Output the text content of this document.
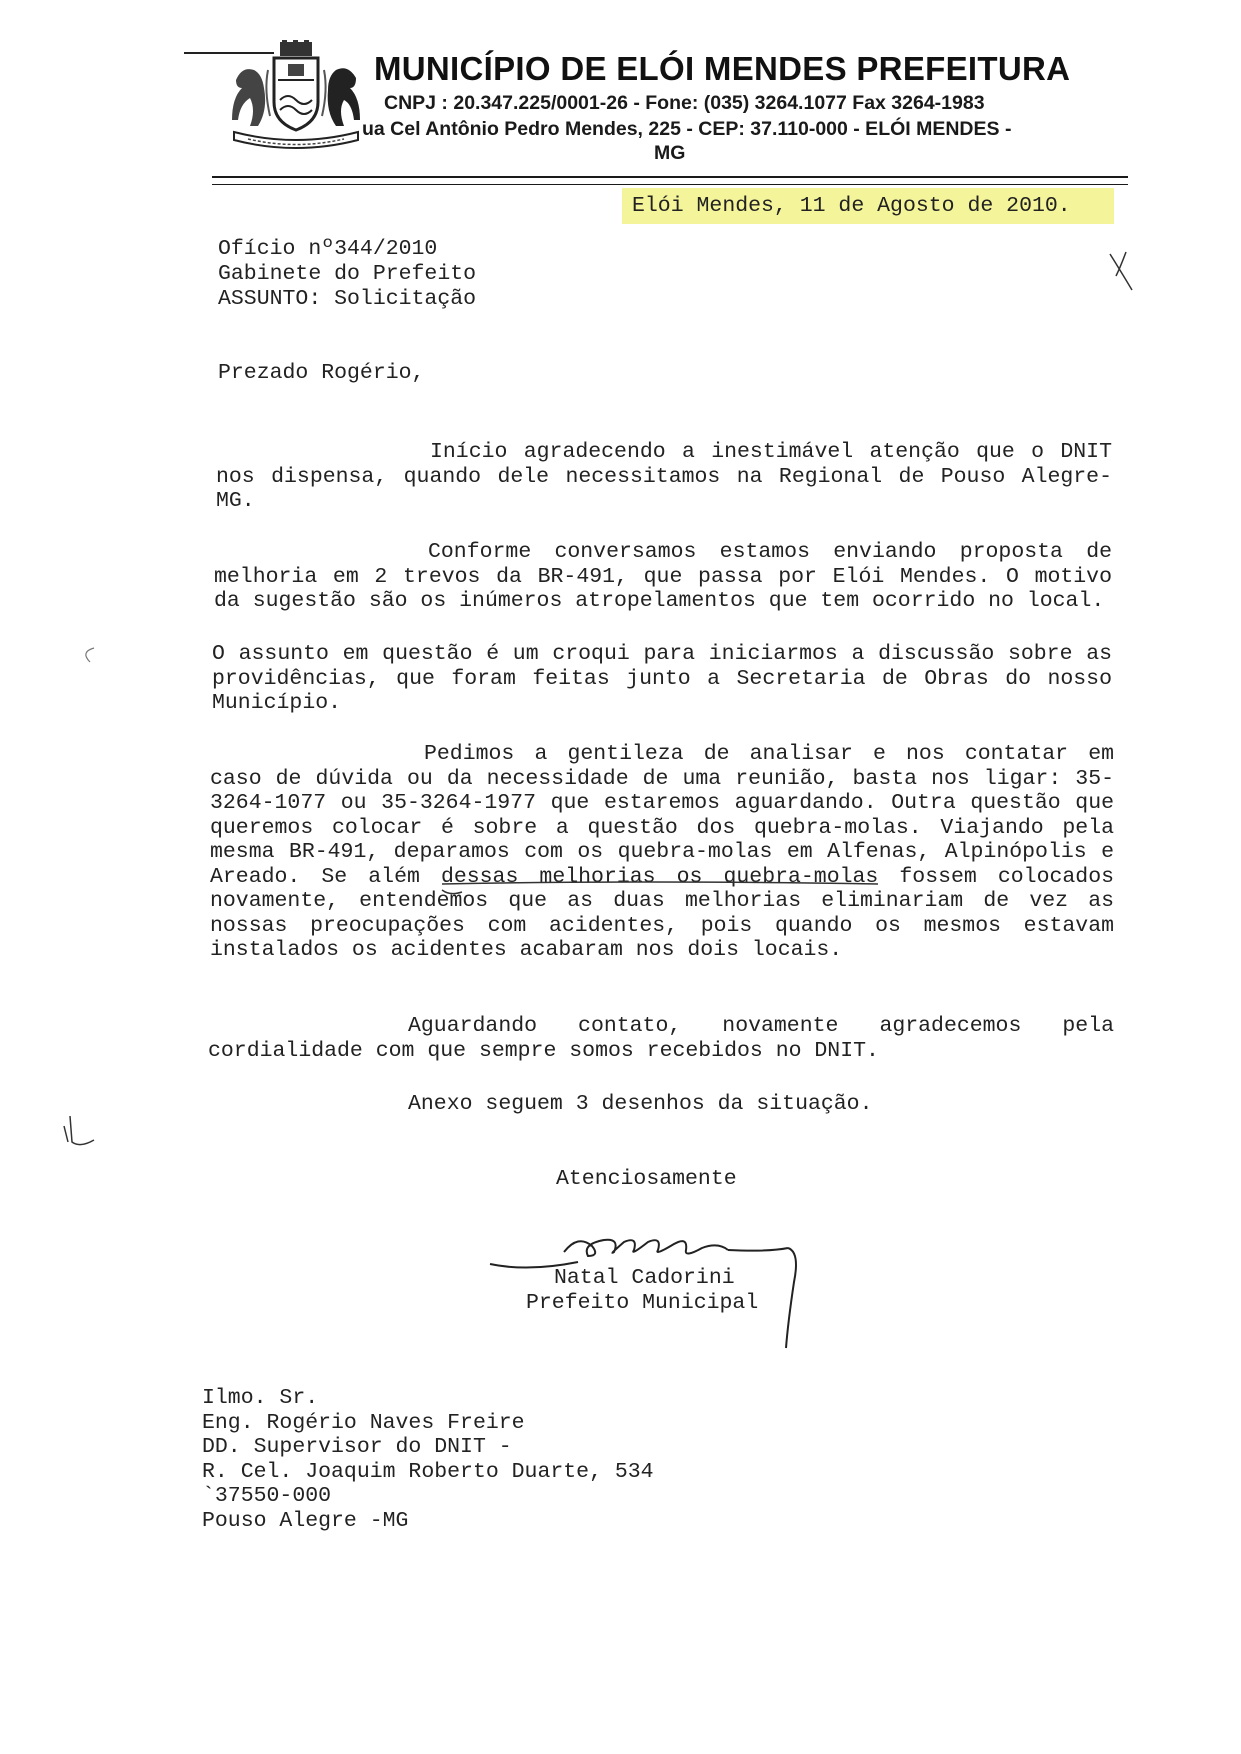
MUNICÍPIO DE ELÓI MENDES PREFEITURA
CNPJ : 20.347.225/0001-26 - Fone: (035) 3264.1077 Fax 3264-1983
ua Cel Antônio Pedro Mendes, 225 - CEP: 37.110-000 - ELÓI MENDES -
MG
Elói Mendes, 11 de Agosto de 2010.
Ofício nº344/2010
Gabinete do Prefeito
ASSUNTO: Solicitação
Prezado Rogério,
Início agradecendo a inestimável atenção que o DNIT nos dispensa, quando dele necessitamos na Regional de Pouso Alegre-MG.
Conforme conversamos estamos enviando proposta de melhoria em 2 trevos da BR-491, que passa por Elói Mendes. O motivo da sugestão são os inúmeros atropelamentos que tem ocorrido no local.
O assunto em questão é um croqui para iniciarmos a discussão sobre as providências, que foram feitas junto a Secretaria de Obras do nosso Município.
Pedimos a gentileza de analisar e nos contatar em caso de dúvida ou da necessidade de uma reunião, basta nos ligar: 35-3264-1077 ou 35-3264-1977 que estaremos aguardando. Outra questão que queremos colocar é sobre a questão dos quebra-molas. Viajando pela mesma BR-491, deparamos com os quebra-molas em Alfenas, Alpinópolis e Areado. Se além dessas melhorias os quebra-molas fossem colocados novamente, entendemos que as duas melhorias eliminariam de vez as nossas preocupações com acidentes, pois quando os mesmos estavam instalados os acidentes acabaram nos dois locais.
Aguardando contato, novamente agradecemos pela cordialidade com que sempre somos recebidos no DNIT.
Anexo seguem 3 desenhos da situação.
Atenciosamente
Natal Cadorini
Prefeito Municipal
Ilmo. Sr.
Eng. Rogério Naves Freire
DD. Supervisor do DNIT -
R. Cel. Joaquim Roberto Duarte, 534
`37550-000
Pouso Alegre -MG
